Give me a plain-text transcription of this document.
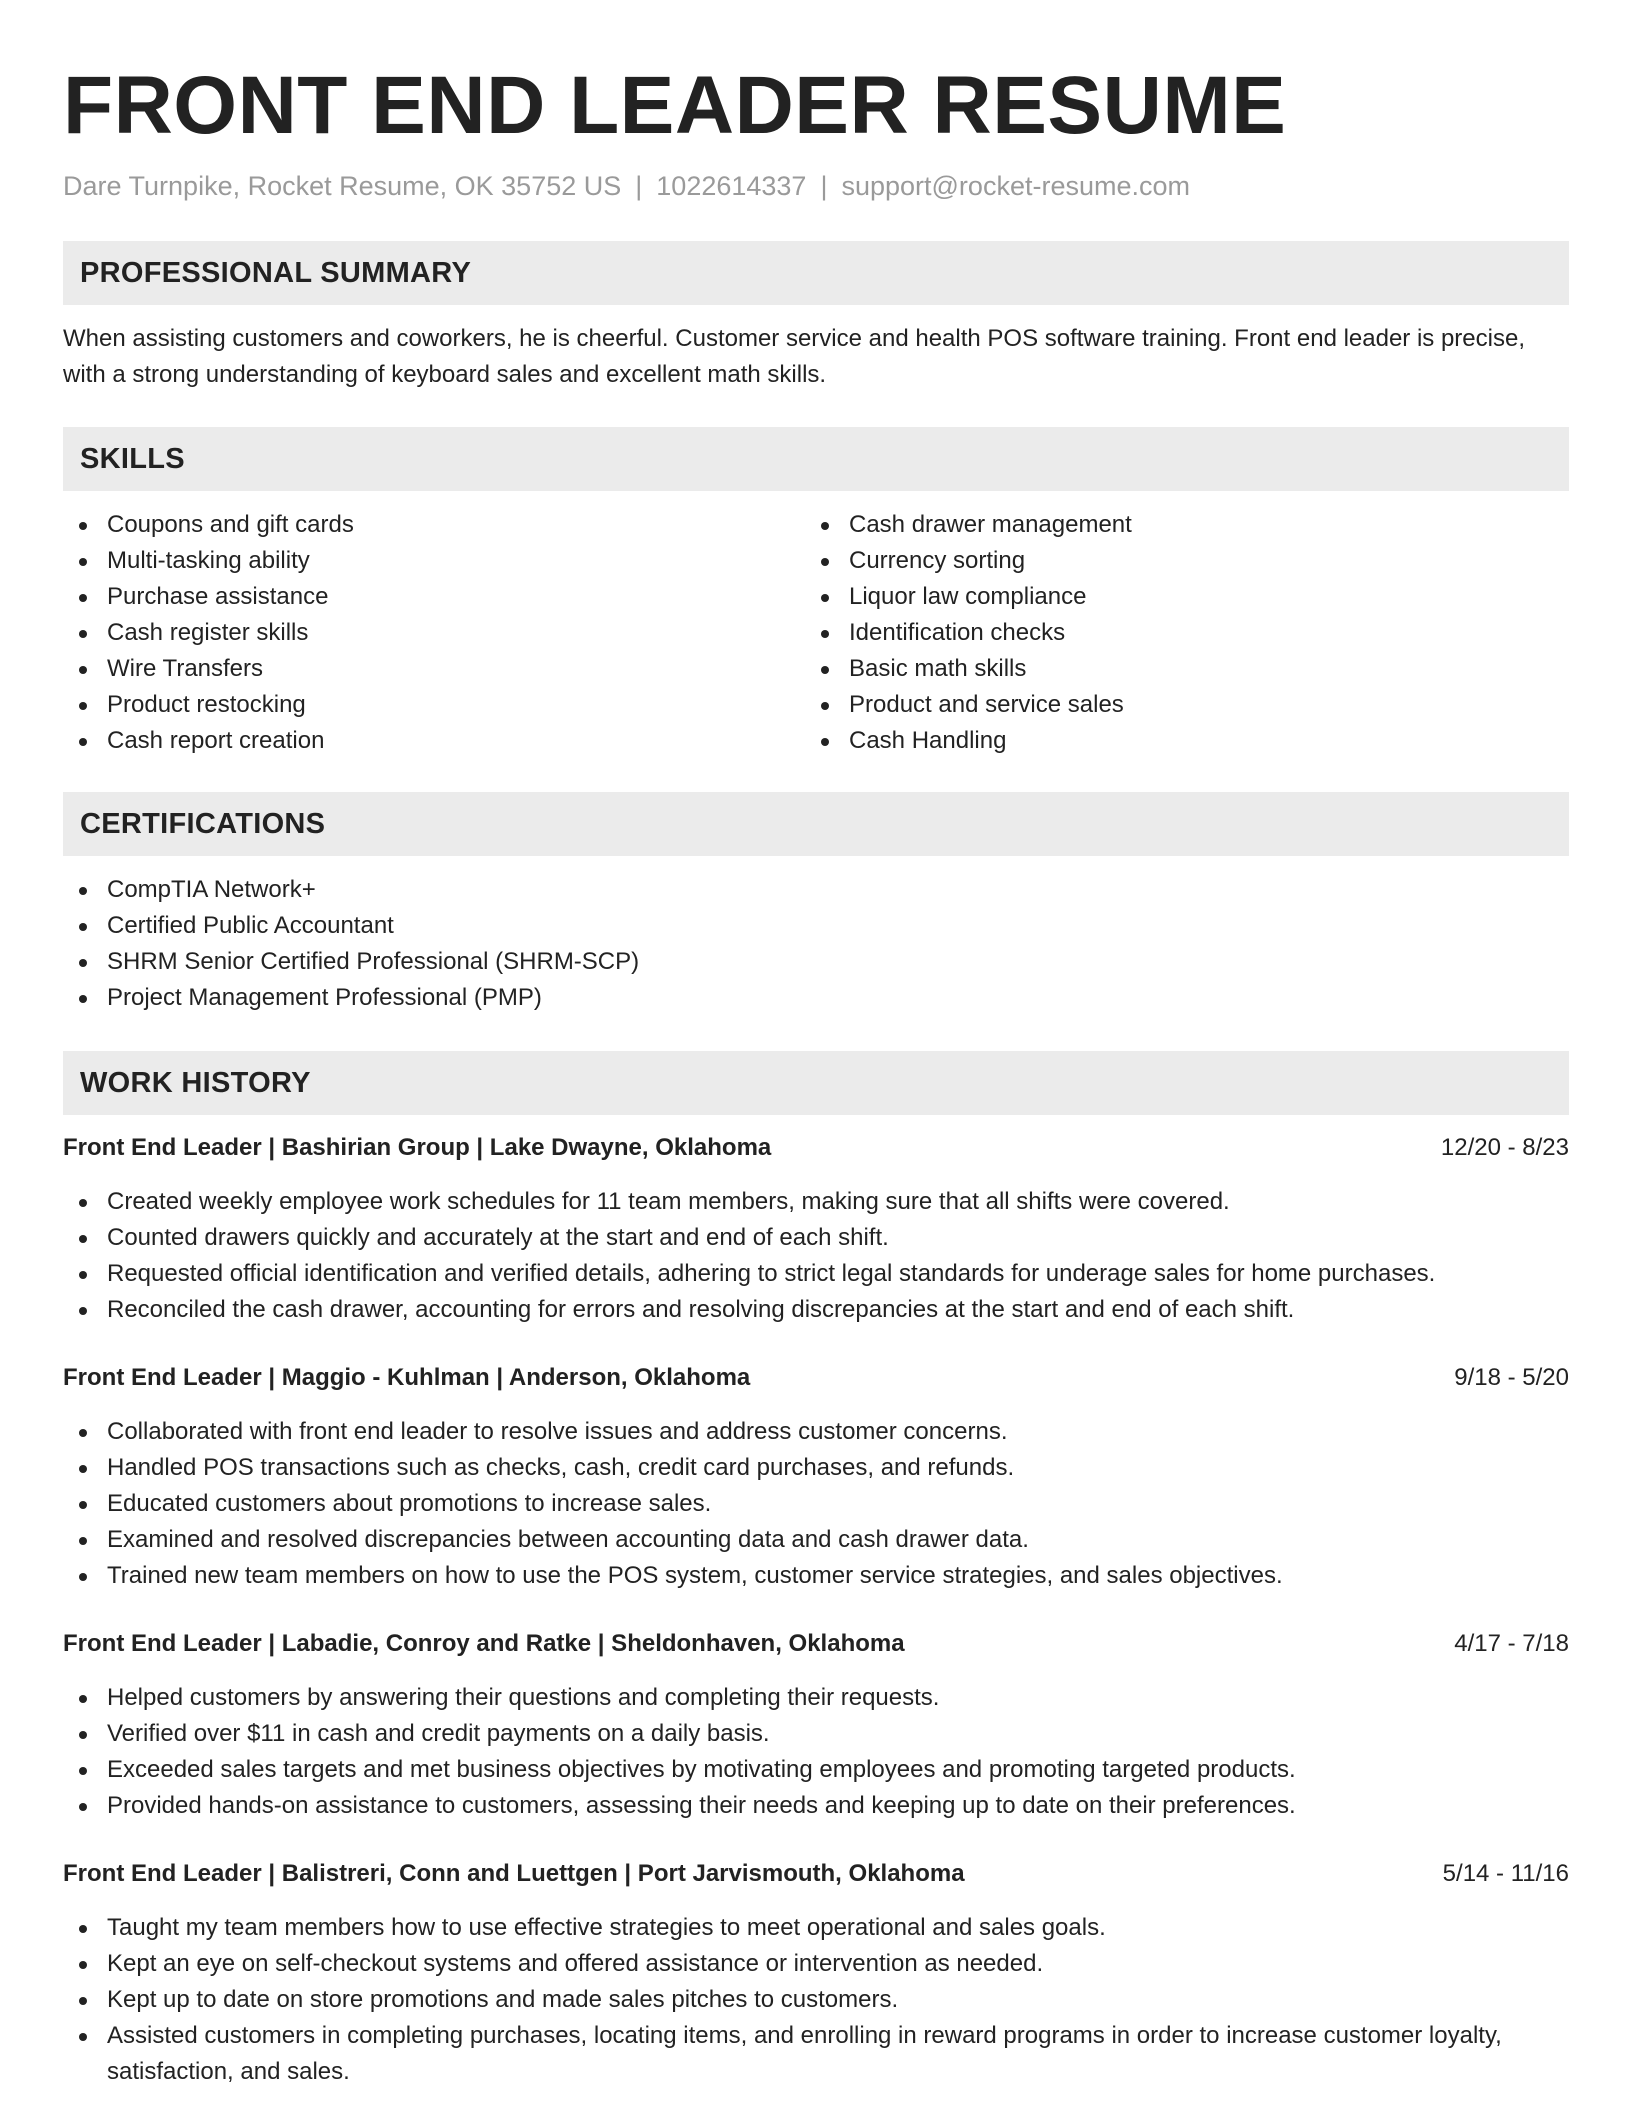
FRONT END LEADER RESUME
Dare Turnpike, Rocket Resume, OK 35752 US | 1022614337 | support@rocket-resume.com
PROFESSIONAL SUMMARY

When assisting customers and coworkers, he is cheerful. Customer service and health POS software training. Front end leader is precise, with a strong understanding of keyboard sales and excellent math skills.

SKILLS
Coupons and gift cards
Multi-tasking ability
Purchase assistance
Cash register skills
Wire Transfers
Product restocking
Cash report creation
Cash drawer management
Currency sorting
Liquor law compliance
Identification checks
Basic math skills
Product and service sales
Cash Handling
CERTIFICATIONS
CompTIA Network+
Certified Public Accountant
SHRM Senior Certified Professional (SHRM-SCP)
Project Management Professional (PMP)
WORK HISTORY
Front End Leader | Bashirian Group | Lake Dwayne, Oklahoma	12/20 - 8/23
Created weekly employee work schedules for 11 team members, making sure that all shifts were covered.
Counted drawers quickly and accurately at the start and end of each shift.
Requested official identification and verified details, adhering to strict legal standards for underage sales for home purchases.
Reconciled the cash drawer, accounting for errors and resolving discrepancies at the start and end of each shift.
Front End Leader | Maggio - Kuhlman | Anderson, Oklahoma	9/18 - 5/20
Collaborated with front end leader to resolve issues and address customer concerns.
Handled POS transactions such as checks, cash, credit card purchases, and refunds.
Educated customers about promotions to increase sales.
Examined and resolved discrepancies between accounting data and cash drawer data.
Trained new team members on how to use the POS system, customer service strategies, and sales objectives.
Front End Leader | Labadie, Conroy and Ratke | Sheldonhaven, Oklahoma	4/17 - 7/18
Helped customers by answering their questions and completing their requests.
Verified over $11 in cash and credit payments on a daily basis.
Exceeded sales targets and met business objectives by motivating employees and promoting targeted products.
Provided hands-on assistance to customers, assessing their needs and keeping up to date on their preferences.
Front End Leader | Balistreri, Conn and Luettgen | Port Jarvismouth, Oklahoma	5/14 - 11/16
Taught my team members how to use effective strategies to meet operational and sales goals.
Kept an eye on self-checkout systems and offered assistance or intervention as needed.
Kept up to date on store promotions and made sales pitches to customers.
Assisted customers in completing purchases, locating items, and enrolling in reward programs in order to increase customer loyalty, satisfaction, and sales.
